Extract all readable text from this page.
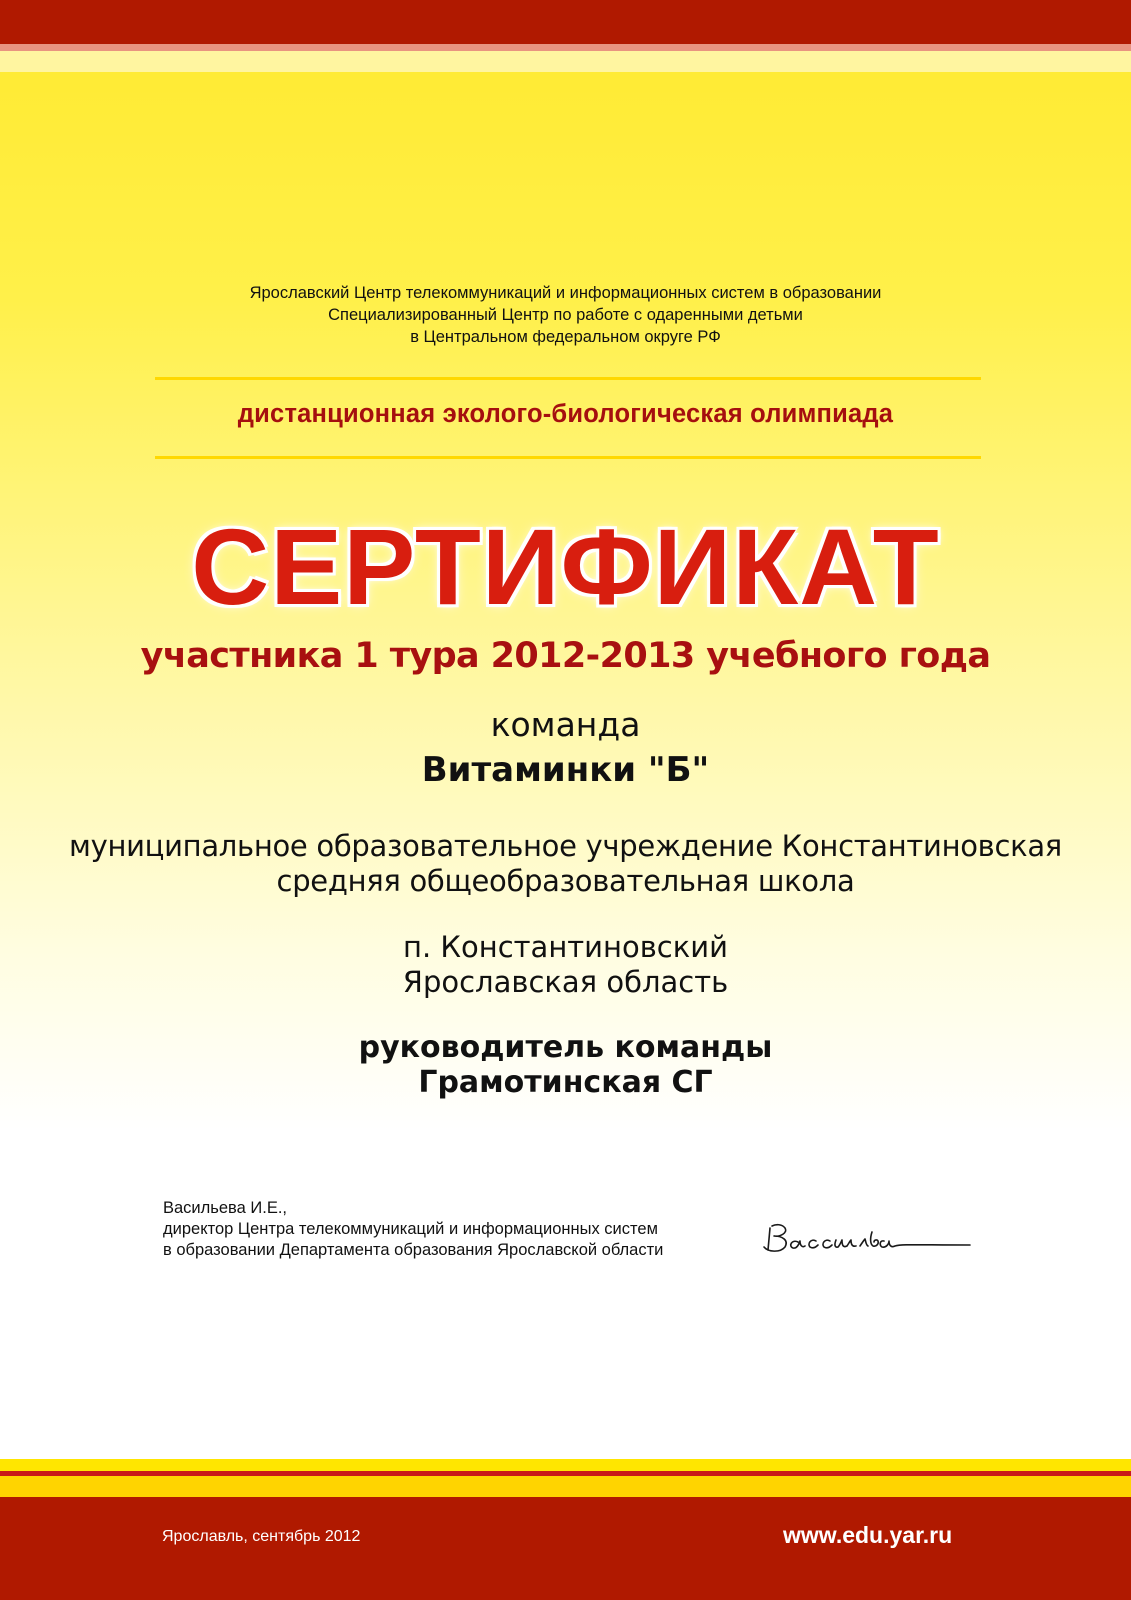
Ярославский Центр телекоммуникаций и информационных систем в образовании
Специализированный Центр по работе с одаренными детьми
в Центральном федеральном округе РФ
дистанционная эколого-биологическая олимпиада
СЕРТИФИКАТ
участника 1 тура 2012-2013 учебного года
команда
Витаминки "Б"
муниципальное образовательное учреждение Константиновская
средняя общеобразовательная школа
п. Константиновский
Ярославская область
руководитель команды
Грамотинская СГ
Васильева И.Е.,
директор Центра телекоммуникаций и информационных систем
в образовании Департамента образования Ярославской области
Ярославль, сентябрь 2012	www.edu.yar.ru
